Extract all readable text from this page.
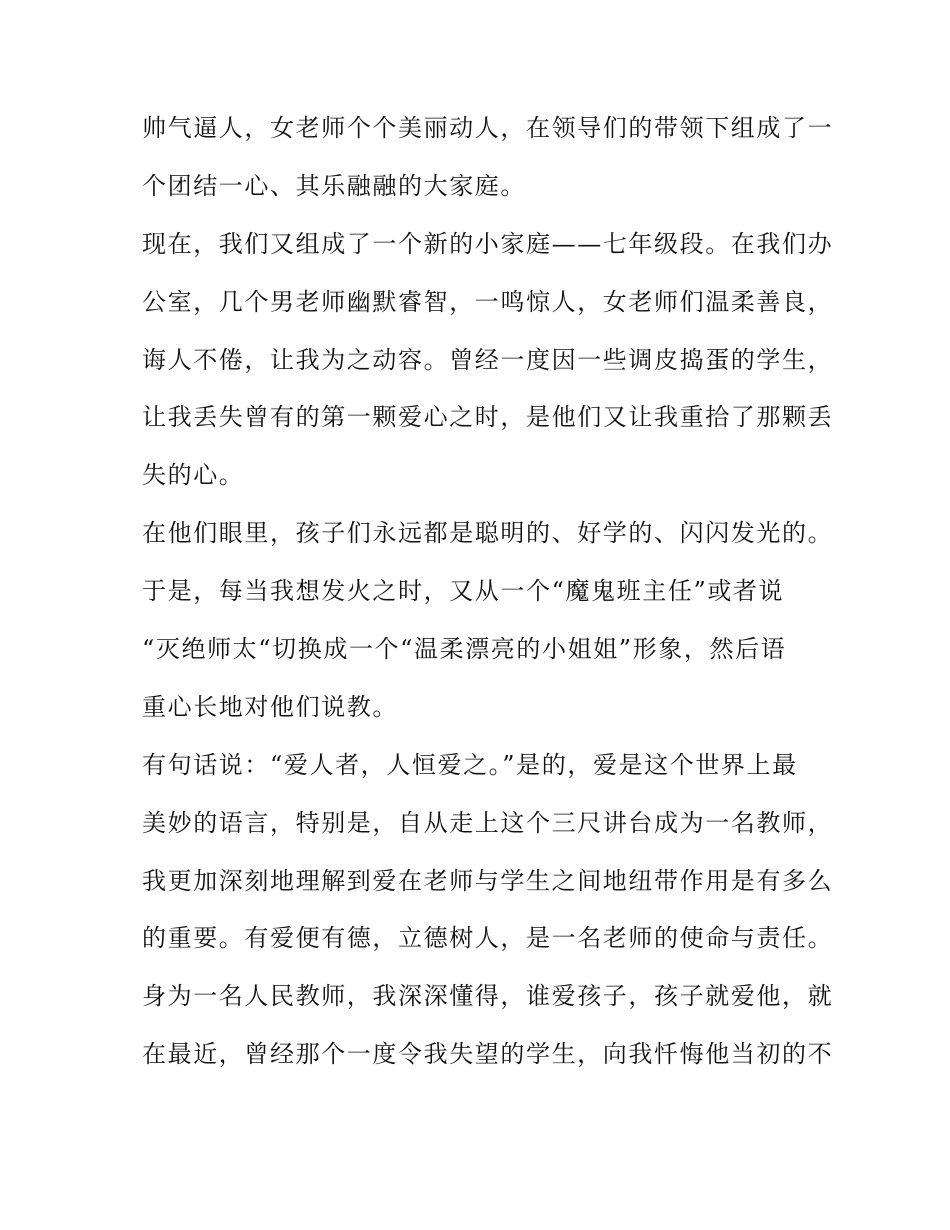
帅气逼人，女老师个个美丽动人，在领导们的带领下组成了一
个团结一心、其乐融融的大家庭。
现在，我们又组成了一个新的小家庭——七年级段。在我们办
公室，几个男老师幽默睿智，一鸣惊人，女老师们温柔善良，
诲人不倦，让我为之动容。曾经一度因一些调皮捣蛋的学生，
让我丢失曾有的第一颗爱心之时，是他们又让我重拾了那颗丢
失的心。
在他们眼里，孩子们永远都是聪明的、好学的、闪闪发光的。
于是，每当我想发火之时，又从一个“魔鬼班主任”或者说
“灭绝师太“切换成一个“温柔漂亮的小姐姐”形象，然后语
重心长地对他们说教。
有句话说：“爱人者，人恒爱之。”是的，爱是这个世界上最
美妙的语言，特别是，自从走上这个三尺讲台成为一名教师，
我更加深刻地理解到爱在老师与学生之间地纽带作用是有多么
的重要。有爱便有德，立德树人，是一名老师的使命与责任。
身为一名人民教师，我深深懂得，谁爱孩子，孩子就爱他，就
在最近，曾经那个一度令我失望的学生，向我忏悔他当初的不
